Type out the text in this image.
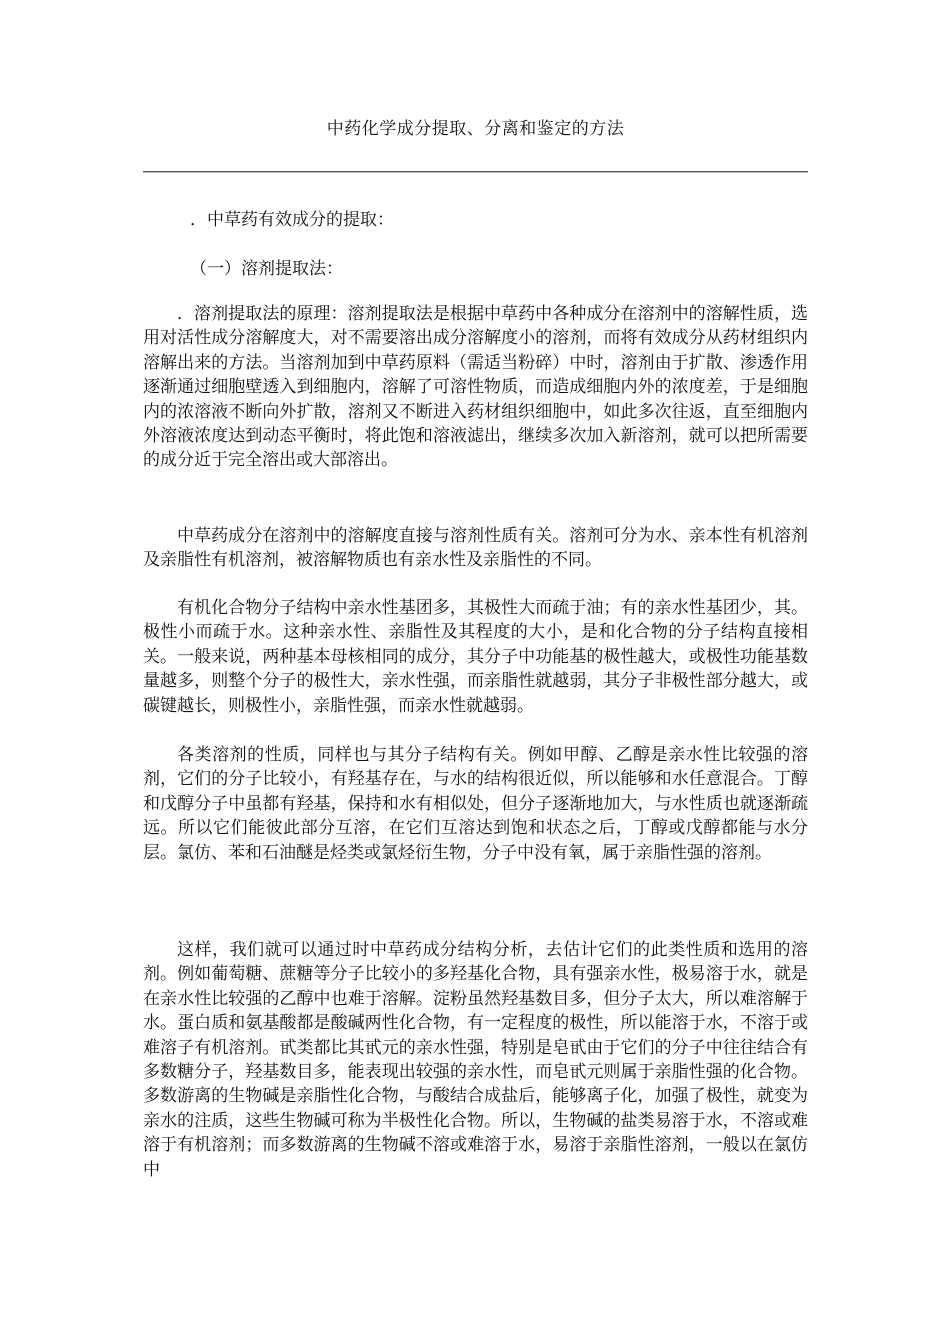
中药化学成分提取、分离和鉴定的方法
．中草药有效成分的提取：
（一）溶剂提取法：

．溶剂提取法的原理：溶剂提取法是根据中草药中各种成分在溶剂中的溶解性质，选用对活性成分溶解度大，对不需要溶出成分溶解度小的溶剂，而将有效成分从药材组织内溶解出来的方法。当溶剂加到中草药原料（需适当粉碎）中时，溶剂由于扩散、渗透作用逐渐通过细胞壁透入到细胞内，溶解了可溶性物质，而造成细胞内外的浓度差，于是细胞内的浓溶液不断向外扩散，溶剂又不断进入药材组织细胞中，如此多次往返，直至细胞内外溶液浓度达到动态平衡时，将此饱和溶液滤出，继续多次加入新溶剂，就可以把所需要的成分近于完全溶出或大部溶出。

中草药成分在溶剂中的溶解度直接与溶剂性质有关。溶剂可分为水、亲本性有机溶剂及亲脂性有机溶剂，被溶解物质也有亲水性及亲脂性的不同。

有机化合物分子结构中亲水性基团多，其极性大而疏于油；有的亲水性基团少，其。极性小而疏于水。这种亲水性、亲脂性及其程度的大小，是和化合物的分子结构直接相关。一般来说，两种基本母核相同的成分，其分子中功能基的极性越大，或极性功能基数量越多，则整个分子的极性大，亲水性强，而亲脂性就越弱，其分子非极性部分越大，或碳键越长，则极性小，亲脂性强，而亲水性就越弱。

各类溶剂的性质，同样也与其分子结构有关。例如甲醇、乙醇是亲水性比较强的溶剂，它们的分子比较小，有羟基存在，与水的结构很近似，所以能够和水任意混合。丁醇和戊醇分子中虽都有羟基，保持和水有相似处，但分子逐渐地加大，与水性质也就逐渐疏远。所以它们能彼此部分互溶，在它们互溶达到饱和状态之后，丁醇或戊醇都能与水分层。氯仿、苯和石油醚是烃类或氯烃衍生物，分子中没有氧，属于亲脂性强的溶剂。

这样，我们就可以通过时中草药成分结构分析，去估计它们的此类性质和选用的溶剂。例如葡萄糖、蔗糖等分子比较小的多羟基化合物，具有强亲水性，极易溶于水，就是在亲水性比较强的乙醇中也难于溶解。淀粉虽然羟基数目多，但分子太大，所以难溶解于水。蛋白质和氨基酸都是酸碱两性化合物，有一定程度的极性，所以能溶于水，不溶于或难溶子有机溶剂。甙类都比其甙元的亲水性强，特别是皂甙由于它们的分子中往往结合有多数糖分子，羟基数目多，能表现出较强的亲水性，而皂甙元则属于亲脂性强的化合物。多数游离的生物碱是亲脂性化合物，与酸结合成盐后，能够离子化，加强了极性，就变为亲水的注质，这些生物碱可称为半极性化合物。所以，生物碱的盐类易溶于水，不溶或难溶于有机溶剂；而多数游离的生物碱不溶或难溶于水，易溶于亲脂性溶剂，一般以在氯仿中
